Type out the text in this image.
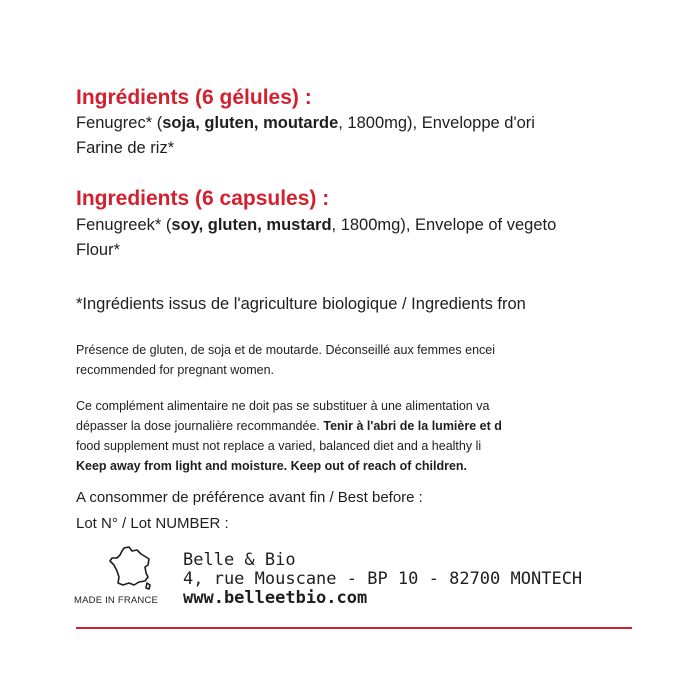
Ingrédients (6 gélules) :
Fenugrec* (soja, gluten, moutarde, 1800mg), Enveloppe d'ori
Farine de riz*
Ingredients (6 capsules) :
Fenugreek* (soy, gluten, mustard, 1800mg), Envelope of vegeto
Flour*
*Ingrédients issus de l'agriculture biologique / Ingredients fron
Présence de gluten, de soja et de moutarde. Déconseillé aux femmes encei
recommended for pregnant women.
Ce complément alimentaire ne doit pas se substituer à une alimentation va
dépasser la dose journalière recommandée. Tenir à l'abri de la lumière et d
food supplement must not replace a varied, balanced diet and a healthy li
Keep away from light and moisture. Keep out of reach of children.
A consommer de préférence avant fin / Best before :
Lot N° / Lot NUMBER :
Belle & Bio
4, rue Mouscane - BP 10 - 82700 MONTECH
MADE IN FRANCE www.belleetbio.com
